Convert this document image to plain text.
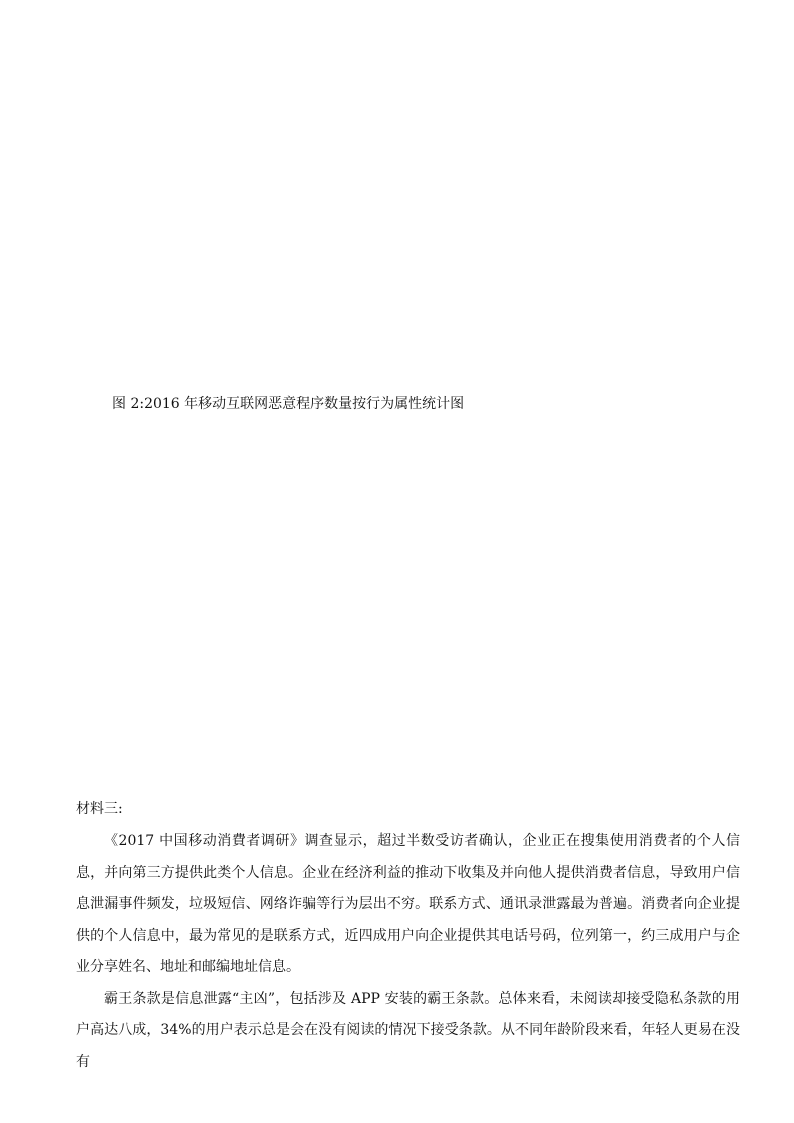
图 2:2016 年移动互联网恶意程序数量按行为属性统计图
材料三:

《2017 中国移动消費者调研》调查显示，超过半数受访者确认，企业正在搜集使用消费者的个人信息，并向第三方提供此类个人信息。企业在经济利益的推动下收集及并向他人提供消费者信息，导致用户信息泄漏事件频发，垃圾短信、网络诈骗等行为层出不穷。联系方式、通讯录泄露最为普遍。消费者向企业提供的个人信息中，最为常见的是联系方式，近四成用户向企业提供其电话号码，位列第一，约三成用户与企业分享姓名、地址和邮编地址信息。

霸王条款是信息泄露“主凶”，包括涉及 APP 安装的霸王条款。总体来看，未阅读却接受隐私条款的用户高达八成，34%的用户表示总是会在没有阅读的情况下接受条款。从不同年龄阶段来看，年轻人更易在没有
